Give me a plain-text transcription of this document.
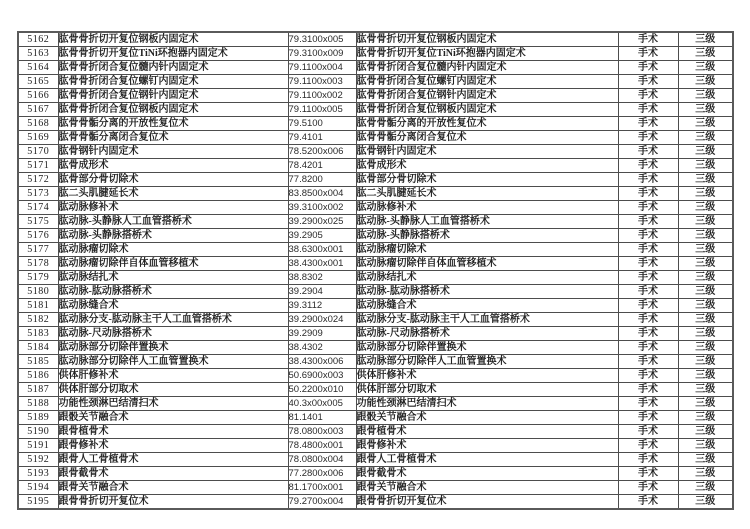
5162	肱骨骨折切开复位钢板内固定术	79.3100x005	肱骨骨折切开复位钢板内固定术	手术	三级
5163	肱骨骨折切开复位TiNi环抱器内固定术	79.3100x009	肱骨骨折切开复位TiNi环抱器内固定术	手术	三级
5164	肱骨骨折闭合复位髓内针内固定术	79.1100x004	肱骨骨折闭合复位髓内针内固定术	手术	三级
5165	肱骨骨折闭合复位螺钉内固定术	79.1100x003	肱骨骨折闭合复位螺钉内固定术	手术	三级
5166	肱骨骨折闭合复位钢针内固定术	79.1100x002	肱骨骨折闭合复位钢针内固定术	手术	三级
5167	肱骨骨折闭合复位钢板内固定术	79.1100x005	肱骨骨折闭合复位钢板内固定术	手术	三级
5168	肱骨骨骺分离的开放性复位术	79.5100	肱骨骨骺分离的开放性复位术	手术	三级
5169	肱骨骨骺分离闭合复位术	79.4101	肱骨骨骺分离闭合复位术	手术	三级
5170	肱骨钢针内固定术	78.5200x006	肱骨钢针内固定术	手术	三级
5171	肱骨成形术	78.4201	肱骨成形术	手术	三级
5172	肱骨部分骨切除术	77.8200	肱骨部分骨切除术	手术	三级
5173	肱二头肌腱延长术	83.8500x004	肱二头肌腱延长术	手术	三级
5174	肱动脉修补术	39.3100x002	肱动脉修补术	手术	三级
5175	肱动脉-头静脉人工血管搭桥术	39.2900x025	肱动脉-头静脉人工血管搭桥术	手术	三级
5176	肱动脉-头静脉搭桥术	39.2905	肱动脉-头静脉搭桥术	手术	三级
5177	肱动脉瘤切除术	38.6300x001	肱动脉瘤切除术	手术	三级
5178	肱动脉瘤切除伴自体血管移植术	38.4300x001	肱动脉瘤切除伴自体血管移植术	手术	三级
5179	肱动脉结扎术	38.8302	肱动脉结扎术	手术	三级
5180	肱动脉-肱动脉搭桥术	39.2904	肱动脉-肱动脉搭桥术	手术	三级
5181	肱动脉缝合术	39.3112	肱动脉缝合术	手术	三级
5182	肱动脉分支-肱动脉主干人工血管搭桥术	39.2900x024	肱动脉分支-肱动脉主干人工血管搭桥术	手术	三级
5183	肱动脉-尺动脉搭桥术	39.2909	肱动脉-尺动脉搭桥术	手术	三级
5184	肱动脉部分切除伴置换术	38.4302	肱动脉部分切除伴置换术	手术	三级
5185	肱动脉部分切除伴人工血管置换术	38.4300x006	肱动脉部分切除伴人工血管置换术	手术	三级
5186	供体肝修补术	50.6900x003	供体肝修补术	手术	三级
5187	供体肝部分切取术	50.2200x010	供体肝部分切取术	手术	三级
5188	功能性颈淋巴结清扫术	40.3x00x005	功能性颈淋巴结清扫术	手术	三级
5189	跟骰关节融合术	81.1401	跟骰关节融合术	手术	三级
5190	跟骨植骨术	78.0800x003	跟骨植骨术	手术	三级
5191	跟骨修补术	78.4800x001	跟骨修补术	手术	三级
5192	跟骨人工骨植骨术	78.0800x004	跟骨人工骨植骨术	手术	三级
5193	跟骨截骨术	77.2800x006	跟骨截骨术	手术	三级
5194	跟骨关节融合术	81.1700x001	跟骨关节融合术	手术	三级
5195	跟骨骨折切开复位术	79.2700x004	跟骨骨折切开复位术	手术	三级
